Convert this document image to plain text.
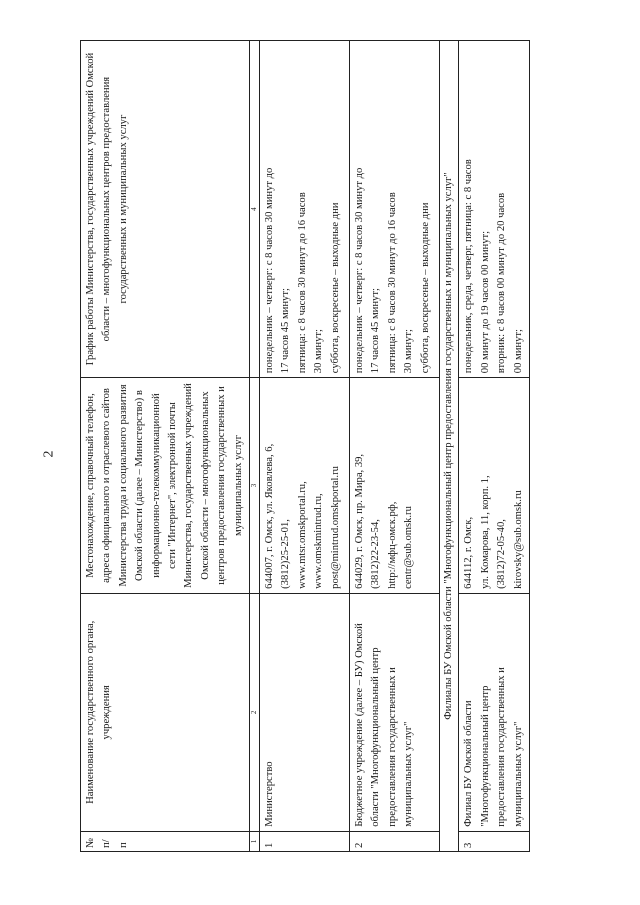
2
№
п/п	Наименование государственного органа, учреждения	Местонахождение, справочный телефон, адреса официального и отраслевого сайтов Министерства труда и социального развития Омской области (далее – Министерство) в информационно-телекоммуникационной сети "Интернет", электронной почты Министерства, государственных учреждений Омской области – многофункциональных центров предоставления государственных и муниципальных услуг	График работы Министерства, государственных учреждений Омской области – многофункциональных центров предоставления государственных и муниципальных услуг

1	2	3	4
1	Министерство	644007, г. Омск, ул. Яковлева, 6, (3812)25-25-01, www.mtsr.omskportal.ru, www.omskmintrud.ru, post@mintrud.omskportal.ru	понедельник – четверг: с 8 часов 30 минут до 17 часов 45 минут; пятница: с 8 часов 30 минут до 16 часов 30 минут; суббота, воскресенье – выходные дни

2	Бюджетное учреждение (далее – БУ) Омской области "Многофункциональный центр предоставления государственных и муниципальных услуг"	644029, г. Омск, пр. Мира, 39, (3812)22-23-54, http://мфц-омск.рф, centr@sub.omsk.ru	понедельник – четверг: с 8 часов 30 минут до 17 часов 45 минут; пятница: с 8 часов 30 минут до 16 часов 30 минут; суббота, воскресенье – выходные дни

Филиалы БУ Омской области "Многофункциональный центр предоставления государственных и муниципальных услуг"			
3	Филиал БУ Омской области "Многофункциональный центр предоставления государственных и муниципальных услуг"	644112, г. Омск, ул. Комарова, 11, корп. 1, (3812)72-05-40, kirovsky@sub.omsk.ru	понедельник, среда, четверг, пятница: с 8 часов 00 минут до 19 часов 00 минут; вторник: с 8 часов 00 минут до 20 часов 00 минут;
